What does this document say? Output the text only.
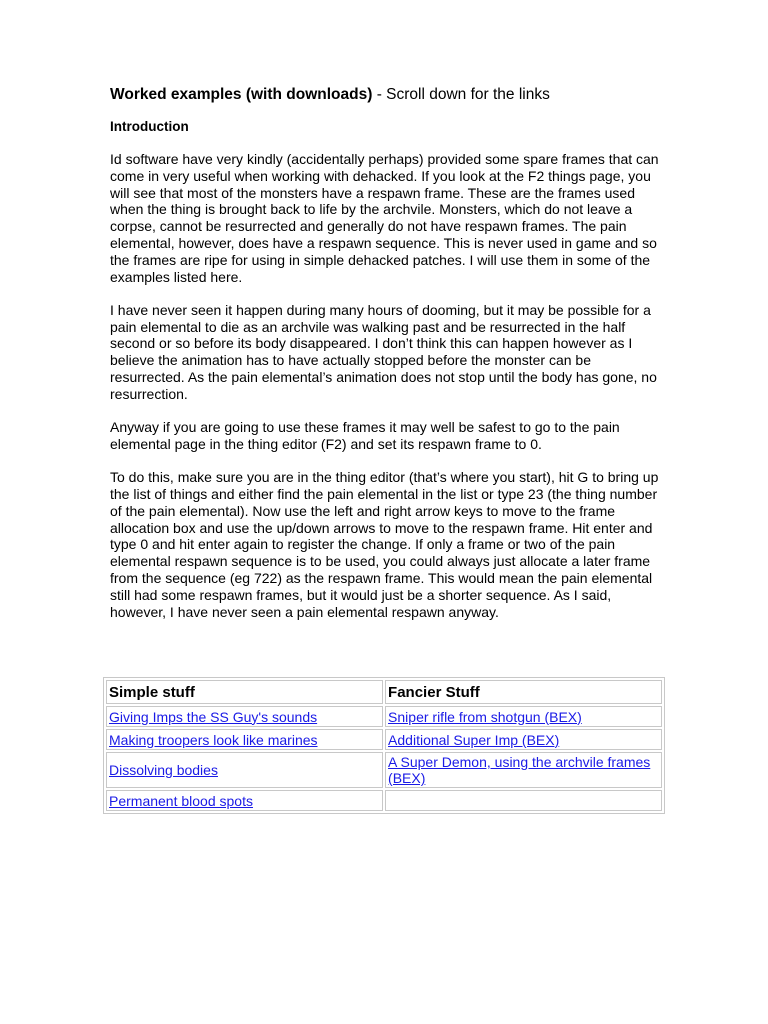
Worked examples (with downloads) - Scroll down for the links
Introduction

Id software have very kindly (accidentally perhaps) provided some spare frames that can come in very useful when working with dehacked. If you look at the F2 things page, you will see that most of the monsters have a respawn frame. These are the frames used when the thing is brought back to life by the archvile. Monsters, which do not leave a corpse, cannot be resurrected and generally do not have respawn frames. The pain elemental, however, does have a respawn sequence. This is never used in game and so the frames are ripe for using in simple dehacked patches. I will use them in some of the examples listed here.

I have never seen it happen during many hours of dooming, but it may be possible for a pain elemental to die as an archvile was walking past and be resurrected in the half second or so before its body disappeared. I don’t think this can happen however as I believe the animation has to have actually stopped before the monster can be resurrected. As the pain elemental’s animation does not stop until the body has gone, no resurrection.

Anyway if you are going to use these frames it may well be safest to go to the pain elemental page in the thing editor (F2) and set its respawn frame to 0.

To do this, make sure you are in the thing editor (that’s where you start), hit G to bring up the list of things and either find the pain elemental in the list or type 23 (the thing number of the pain elemental). Now use the left and right arrow keys to move to the frame allocation box and use the up/down arrows to move to the respawn frame. Hit enter and type 0 and hit enter again to register the change. If only a frame or two of the pain elemental respawn sequence is to be used, you could always just allocate a later frame from the sequence (eg 722) as the respawn frame. This would mean the pain elemental still had some respawn frames, but it would just be a shorter sequence. As I said, however, I have never seen a pain elemental respawn anyway.

Simple stuff	Fancier Stuff
Giving Imps the SS Guy's sounds	Sniper rifle from shotgun (BEX)
Making troopers look like marines	Additional Super Imp (BEX)
Dissolving bodies	A Super Demon, using the archvile frames (BEX)
Permanent blood spots	
